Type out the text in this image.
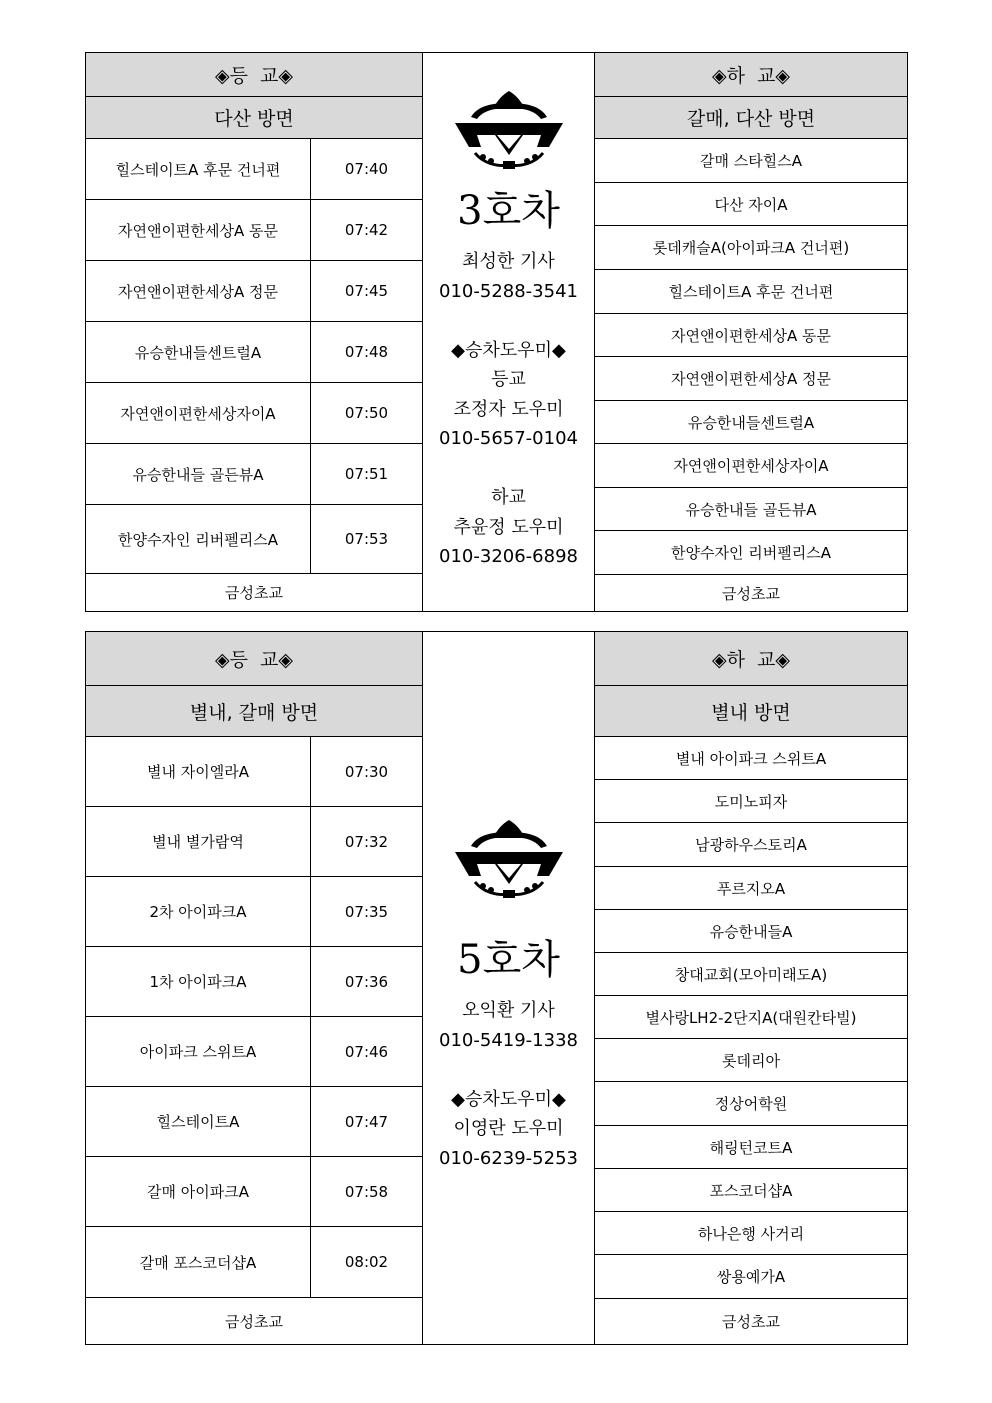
◈등  교◈
다산 방면
힐스테이트A 후문 건너편	07:40
자연앤이편한세상A 동문	07:42
자연앤이편한세상A 정문	07:45
유승한내들센트럴A	07:48
자연앤이편한세상자이A	07:50
유승한내들 골든뷰A	07:51
한양수자인 리버펠리스A	07:53
금성초교
3호차
최성한 기사
010-5288-3541
◆승차도우미◆
등교
조정자 도우미
010-5657-0104
하교
추윤정 도우미
010-3206-6898
◈하  교◈
갈매, 다산 방면
갈매 스타힐스A
다산 자이A
롯데캐슬A(아이파크A 건너편)
힐스테이트A 후문 건너편
자연앤이편한세상A 동문
자연앤이편한세상A 정문
유승한내들센트럴A
자연앤이편한세상자이A
유승한내들 골든뷰A
한양수자인 리버펠리스A
금성초교
◈등  교◈
별내, 갈매 방면
별내 자이엘라A	07:30
별내 별가람역	07:32
2차 아이파크A	07:35
1차 아이파크A	07:36
아이파크 스위트A	07:46
힐스테이트A	07:47
갈매 아이파크A	07:58
갈매 포스코더샵A	08:02
금성초교
5호차
오익환 기사
010-5419-1338
◆승차도우미◆
이영란 도우미
010-6239-5253
◈하  교◈
별내 방면
별내 아이파크 스위트A
도미노피자
남광하우스토리A
푸르지오A
유승한내들A
창대교회(모아미래도A)
별사랑LH2-2단지A(대원칸타빌)
롯데리아
정상어학원
해링턴코트A
포스코더샵A
하나은행 사거리
쌍용예가A
금성초교
